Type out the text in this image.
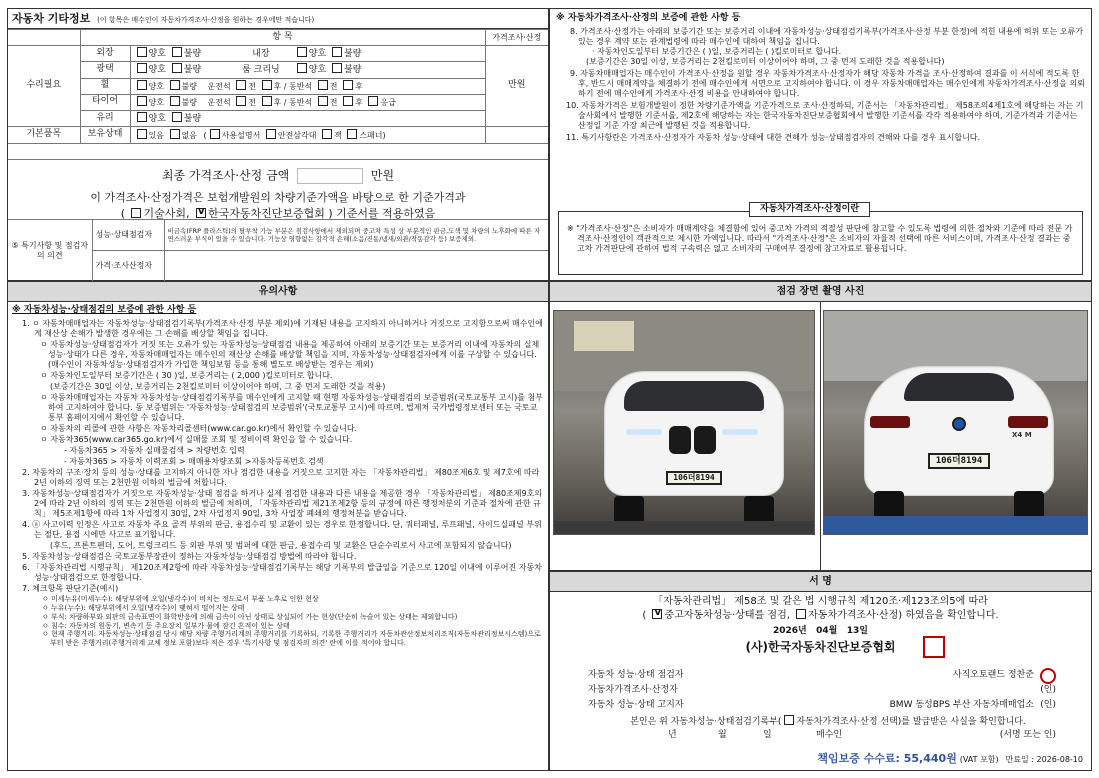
자동차 기타정보 (이 항목은 매수인이 자동차가격조사·산정을 원하는 경우에만 적습니다)
	항 목		가격조사·산정
수리필요	외장	양호 불량 내장 양호 불량	만원
	광택	양호 불량 룸 크리닝 양호 불량	
	휠	양호 불량 운전석 전 후 / 동반석 전 후	
	타이어	양호 불량 운전석 전 후 / 동반석 전 후 응급	
	유리	양호 불량	
기본품목	보유상태	있음 없음 ( 사용설명서 안전삼각대 잭 스패너)	
최종 가격조사·산정 금액	만원
이 가격조사·산정가격은 보험개발원의 차량기준가액을 바탕으로 한 기준가격과
( 기술사회, v 한국자동차진단보증협회 ) 기준서를 적용하였음
⑤ 특기사항 및 점검자의 의견	성능·상태점검자	비금속(FRP 플라스틱)의 탈부착 가능 부분은 점검사항에서 제외되며 중고차 특성 상 부분적인 판금,도색 및 차량의 노후화에 따른 자연스러운 부식이 있을 수 있습니다. 기능상 영향없는 감각적 손해(소음/진동/냄새/외관/작동감각 등) 보증제외.
	가격·조사산정자	
※ 자동차가격조사·산정의 보증에 관한 사항 등
8. 가격조사·산정가는 아래의 보증기간 또는 보증거리 이내에 자동차성능·상태점검기록부(가격조사·산정 부분 한정)에 적힌 내용에 허위 또는 오류가 있는 경우 계약 또는 관계법령에 따라 매수인에 대하여 책임을 집니다.
· 자동차인도일부터 보증기간은 ( )일, 보증거리는 ( )킬로미터로 합니다.
(보증기간은 30일 이상, 보증거리는 2천킬로미터 이상이어야 하며, 그 중 먼저 도래한 것을 적용합니다)
9. 자동차매매업자는 매수인이 가격조사·산정을 원할 경우 자동차가격조사·산정자가 해당 자동차 가격을 조사·산정하여 결과를 이 서식에 적도록 한 후, 반드시 매매계약을 체결하기 전에 매수인에게 서면으로 고지하여야 합니다. 이 경우 자동차매매업자는 매수인에게 자동차가격조사·산정을 의뢰하기 전에 매수인에게 가격조사·산정 비용을 안내하여야 합니다.
10. 자동차가격은 보험개발원이 정한 차량기준가액을 기준가격으로 조사·산정하되, 기준서는 「자동차관리법」 제58조의4제1호에 해당하는 자는 기술사회에서 발행한 기준서를, 제2호에 해당하는 자는 한국자동차진단보증협회에서 발행한 기준서를 각각 적용하여야 하며, 기준가격과 기준서는 산정일 기준 가장 최근에 발행된 것을 적용합니다.
11. 특기사항란은 가격조사·산정자가 자동차 성능·상태에 대한 견해가 성능·상태점검자의 견해와 다를 경우 표시합니다.
자동차가격조사·산정이란
※ "가격조사·산정"은 소비자가 매매계약을 체결함에 있어 중고차 가격의 적절성 판단에 참고할 수 있도록 법령에 의한 절차와 기준에 따라 전문 가격조사·산정인이 객관적으로 제시한 가액입니다. 따라서 "가격조사·산정"은 소비자의 자율적 선택에 따른 서비스이며, 가격조사·산정 결과는 중고차 가격판단에 관하여 법적 구속력은 없고 소비자의 구매여부 결정에 참고자료로 활용됩니다.
유의사항
※ 자동차성능·상태점검의 보증에 관한 사항 등
1. ㅇ 자동차매매업자는 자동차성능·상태점검기록부(가격조사·산정 부분 제외)에 기재된 내용을 고지하지 아니하거나 거짓으로 고지함으로써 매수인에게 재산상 손해가 발생한 경우에는 그 손해를 배상할 책임을 집니다.
ㅇ 자동차성능·상태점검자가 거짓 또는 오류가 있는 자동차성능·상태점검 내용을 제공하여 아래의 보증기간 또는 보증거리 이내에 자동차의 실제 성능·상태가 다른 경우, 자동차매매업자는 매수인의 재산상 손해를 배상할 책임을 지며, 자동차성능·상태점검자에게 이를 구상할 수 있습니다.(매수인이 자동차성능·상태점검자가 가입한 책임보험 등을 통해 별도로 배상받는 경우는 제외)
ㅇ 자동차인도일부터 보증기간은 ( 30 )일, 보증거리는 ( 2,000 )킬로미터로 합니다.
(보증기간은 30일 이상, 보증거리는 2천킬로미터 이상이어야 하며, 그 중 먼저 도래한 것을 적용)
ㅇ 자동차매매업자는 자동차 자동차성능·상태점검기록부를 매수인에게 고지할 때 현행 자동차성능·상태점검의 보증범위(국토교통부 고시)를 첨부하여 고지하여야 합니다. 동 보증범위는 '자동차성능·상태점검의 보증범위'(국토교통부 고시)에 따르며, 법제처 국가법령정보센터 또는 국토교통부 홈페이지에서 확인할 수 있습니다.
ㅇ 자동차의 리콜에 관한 사항은 자동차리콜센터(www.car.go.kr)에서 확인할 수 있습니다.
ㅇ 자동차365(www.car365.go.kr)에서 실매물 조회 및 정비이력 확인을 할 수 있습니다.
- 자동차365 > 자동차 실매물검색 > 차량번호 입력
- 자동차365 > 자동차 이력조회 > 매매용차량조회 >자동차등록번호 검색
2. 자동차의 구조·장치 등의 성능·상태를 고지하지 아니한 자나 점검한 내용을 거짓으로 고지한 자는 「자동차관리법」 제80조제6호 및 제7호에 따라 2년 이하의 징역 또는 2천만원 이하의 벌금에 처합니다.
3. 자동차성능·상태점검자가 거짓으로 자동차성능·상태 점검을 하거나 실제 점검한 내용과 다른 내용을 제공한 경우 「자동차관리법」 제80조제9호의2에 따라 2년 이하의 징역 또는 2천만원 이하의 벌금에 처하며, 「자동차관리법 제21조제2항 등의 규정에 따른 행정처분의 기준과 절차에 관한 규칙」 제5조제1항에 따라 1차 사업정지 30일, 2차 사업정지 90일, 3차 사업장 폐쇄의 행정처분을 받습니다.
4. ⓐ 사고이력 인정은 사고로 자동차 주요 골격 부위의 판금, 용접수리 및 교환이 있는 경우로 한정합니다. 단, 쿼터패널, 루프패널, 사이드실패널 부위는 절단, 용접 시에만 사고로 표기합니다.
(후드, 프론트펜더, 도어, 트렁크리드 등 외판 부위 및 범퍼에 대한 판금, 용접수리 및 교환은 단순수리로서 사고에 포함되지 않습니다)
5. 자동차성능·상태점검은 국토교통부장관이 정하는 자동차성능·상태점검 방법에 따라야 합니다.
6. 「자동차관리법 시행규칙」 제120조제2항에 따라 자동차성능·상태점검기록부는 해당 기록부의 발급일을 기준으로 120일 이내에 이루어진 자동차 성능·상태점검으로 한정합니다.
7. 체크항목 판단기준(예시)
ㅇ 미세누유(미세누수): 해당부위에 오일(냉각수)이 비치는 정도로서 부품 노후로 인한 현상
ㅇ 누유(누수): 해당부위에서 오일(냉각수)이 맺혀서 떨어지는 상태
ㅇ 부식: 차량하부와 외판의 금속표면이 화학반응에 의해 금속이 아닌 상태로 상실되어 가는 현상(단순히 녹슬어 있는 상태는 제외합니다)
ㅇ 침수: 자동차의 원동기, 변속기 등 주요장치 일부가 물에 잠긴 흔적이 있는 상태
ㅇ 현재 주행거리: 자동차성능·상태점검 당시 해당 차량 주행거리계의 주행거리를 기록하되, 기록한 주행거리가 자동차관산정보처리조직(자동차관리정보시스템)으로부터 받은 주행거리(주행거리계 교체 정보 포함)보다 적은 경우 '특기사항 및 점검자의 의견' 란에 이를 적어야 합니다.
점검 장면 촬영 사진
106더8194
X4 M
106더8194
서 명
「자동차관리법」 제58조 및 같은 법 시행규칙 제120조·제123조의5에 따라
( v 중고자동차성능·상태를 점검, 자동차가격조사·산정) 하였음을 확인합니다.
2026년 04월 13일
(사)한국자동차진단보증협회
자동차 성능·상태 점검자	사직오토랜드 정찬준
자동차가격조사·산정자	(인)
자동차 성능·상태 고지자	BMW 동성BPS 부산 자동차매매업소 (인)
본인은 위 자동차성능·상태점검기록부( 자동차가격조사·산정 선택)를 발급받은 사실을 확인합니다.
년	월	일	매수인	(서명 또는 인)
책임보증 수수료: 55,440원 (VAT 포함) 만료일 : 2026-08-10
